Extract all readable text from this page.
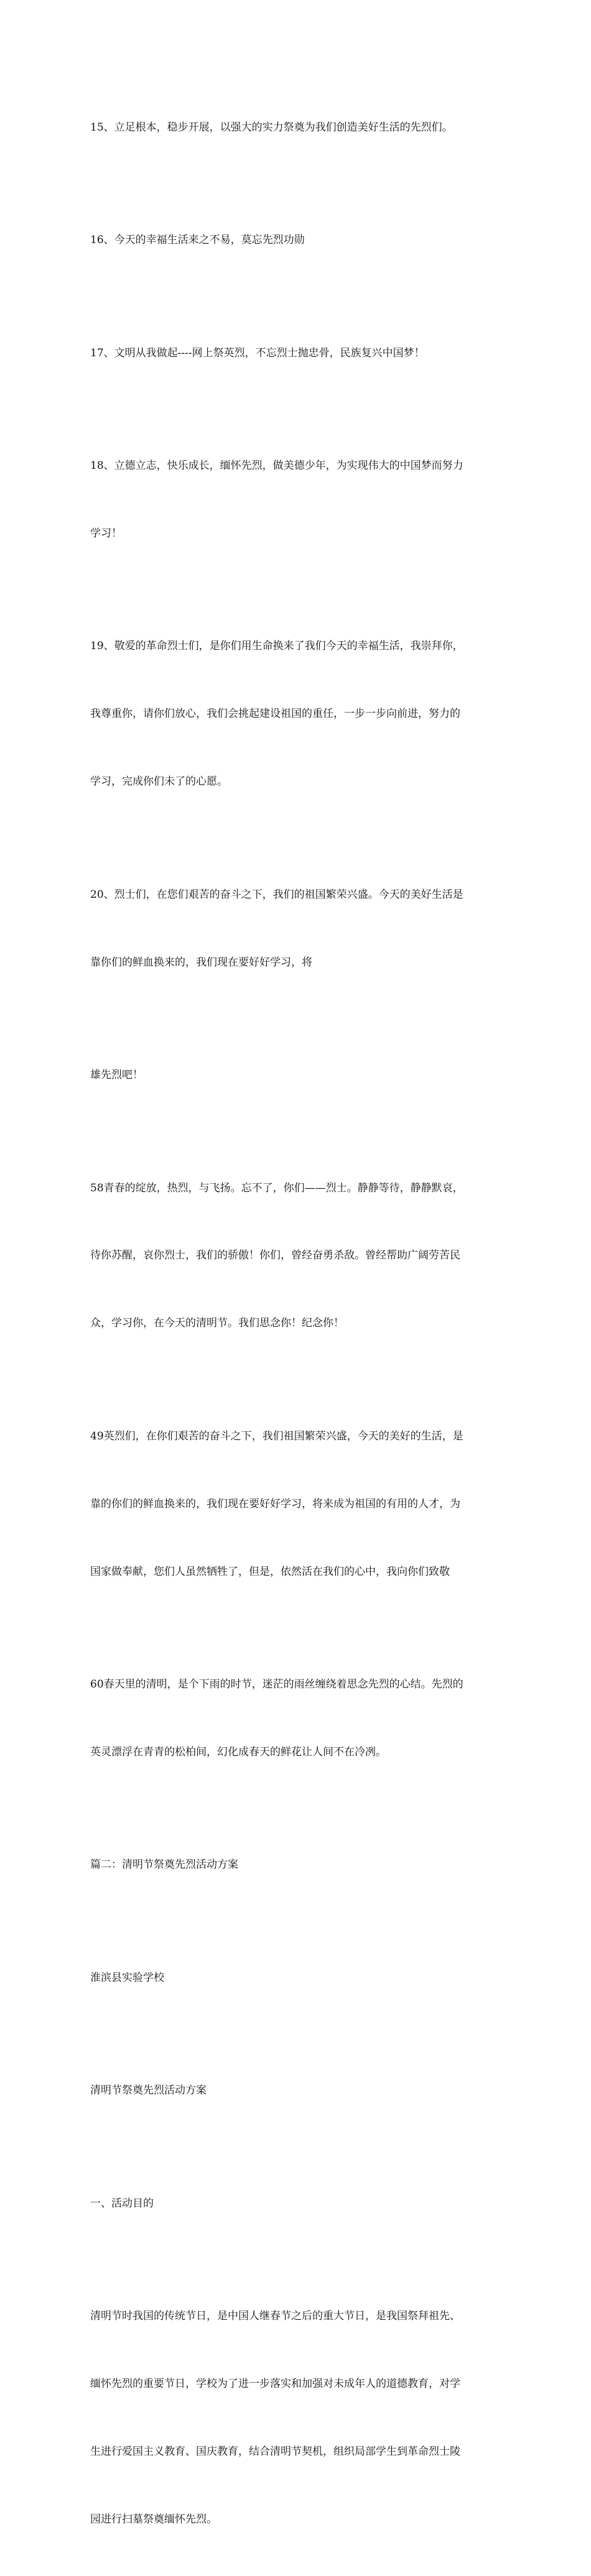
15、立足根本，稳步开展，以强大的实力祭奠为我们创造美好生活的先烈们。

16、今天的幸福生活来之不易，莫忘先烈功勋

17、文明从我做起----网上祭英烈，不忘烈士抛忠骨，民族复兴中国梦！

18、立德立志，快乐成长，缅怀先烈，做美德少年，为实现伟大的中国梦而努力

学习！

19、敬爱的革命烈士们，是你们用生命换来了我们今天的幸福生活，我崇拜你，

我尊重你，请你们放心，我们会挑起建设祖国的重任，一步一步向前进，努力的

学习，完成你们未了的心愿。

20、烈士们，在您们艰苦的奋斗之下，我们的祖国繁荣兴盛。今天的美好生活是

靠你们的鲜血换来的，我们现在要好好学习，将

雄先烈吧！

58青春的绽放，热烈，与飞扬。忘不了，你们——烈士。静静等待，静静默哀，

待你苏醒，哀你烈士，我们的骄傲！你们，曾经奋勇杀敌。曾经帮助广阔劳苦民

众，学习你，在今天的清明节。我们思念你！纪念你！

49英烈们，在你们艰苦的奋斗之下，我们祖国繁荣兴盛，今天的美好的生活，是

靠的你们的鲜血换来的，我们现在要好好学习，将来成为祖国的有用的人才，为

国家做奉献，您们人虽然牺牲了，但是，依然活在我们的心中，我向你们致敬

60春天里的清明，是个下雨的时节，迷茫的雨丝缠绕着思念先烈的心结。先烈的

英灵漂浮在青青的松柏间，幻化成春天的鲜花让人间不在冷冽。

篇二：清明节祭奠先烈活动方案

淮滨县实验学校

清明节祭奠先烈活动方案

一、活动目的

清明节时我国的传统节日，是中国人继春节之后的重大节日，是我国祭拜祖先、

缅怀先烈的重要节日，学校为了进一步落实和加强对未成年人的道德教育，对学

生进行爱国主义教育、国庆教育，结合清明节契机，组织局部学生到革命烈士陵

园进行扫墓祭奠缅怀先烈。
